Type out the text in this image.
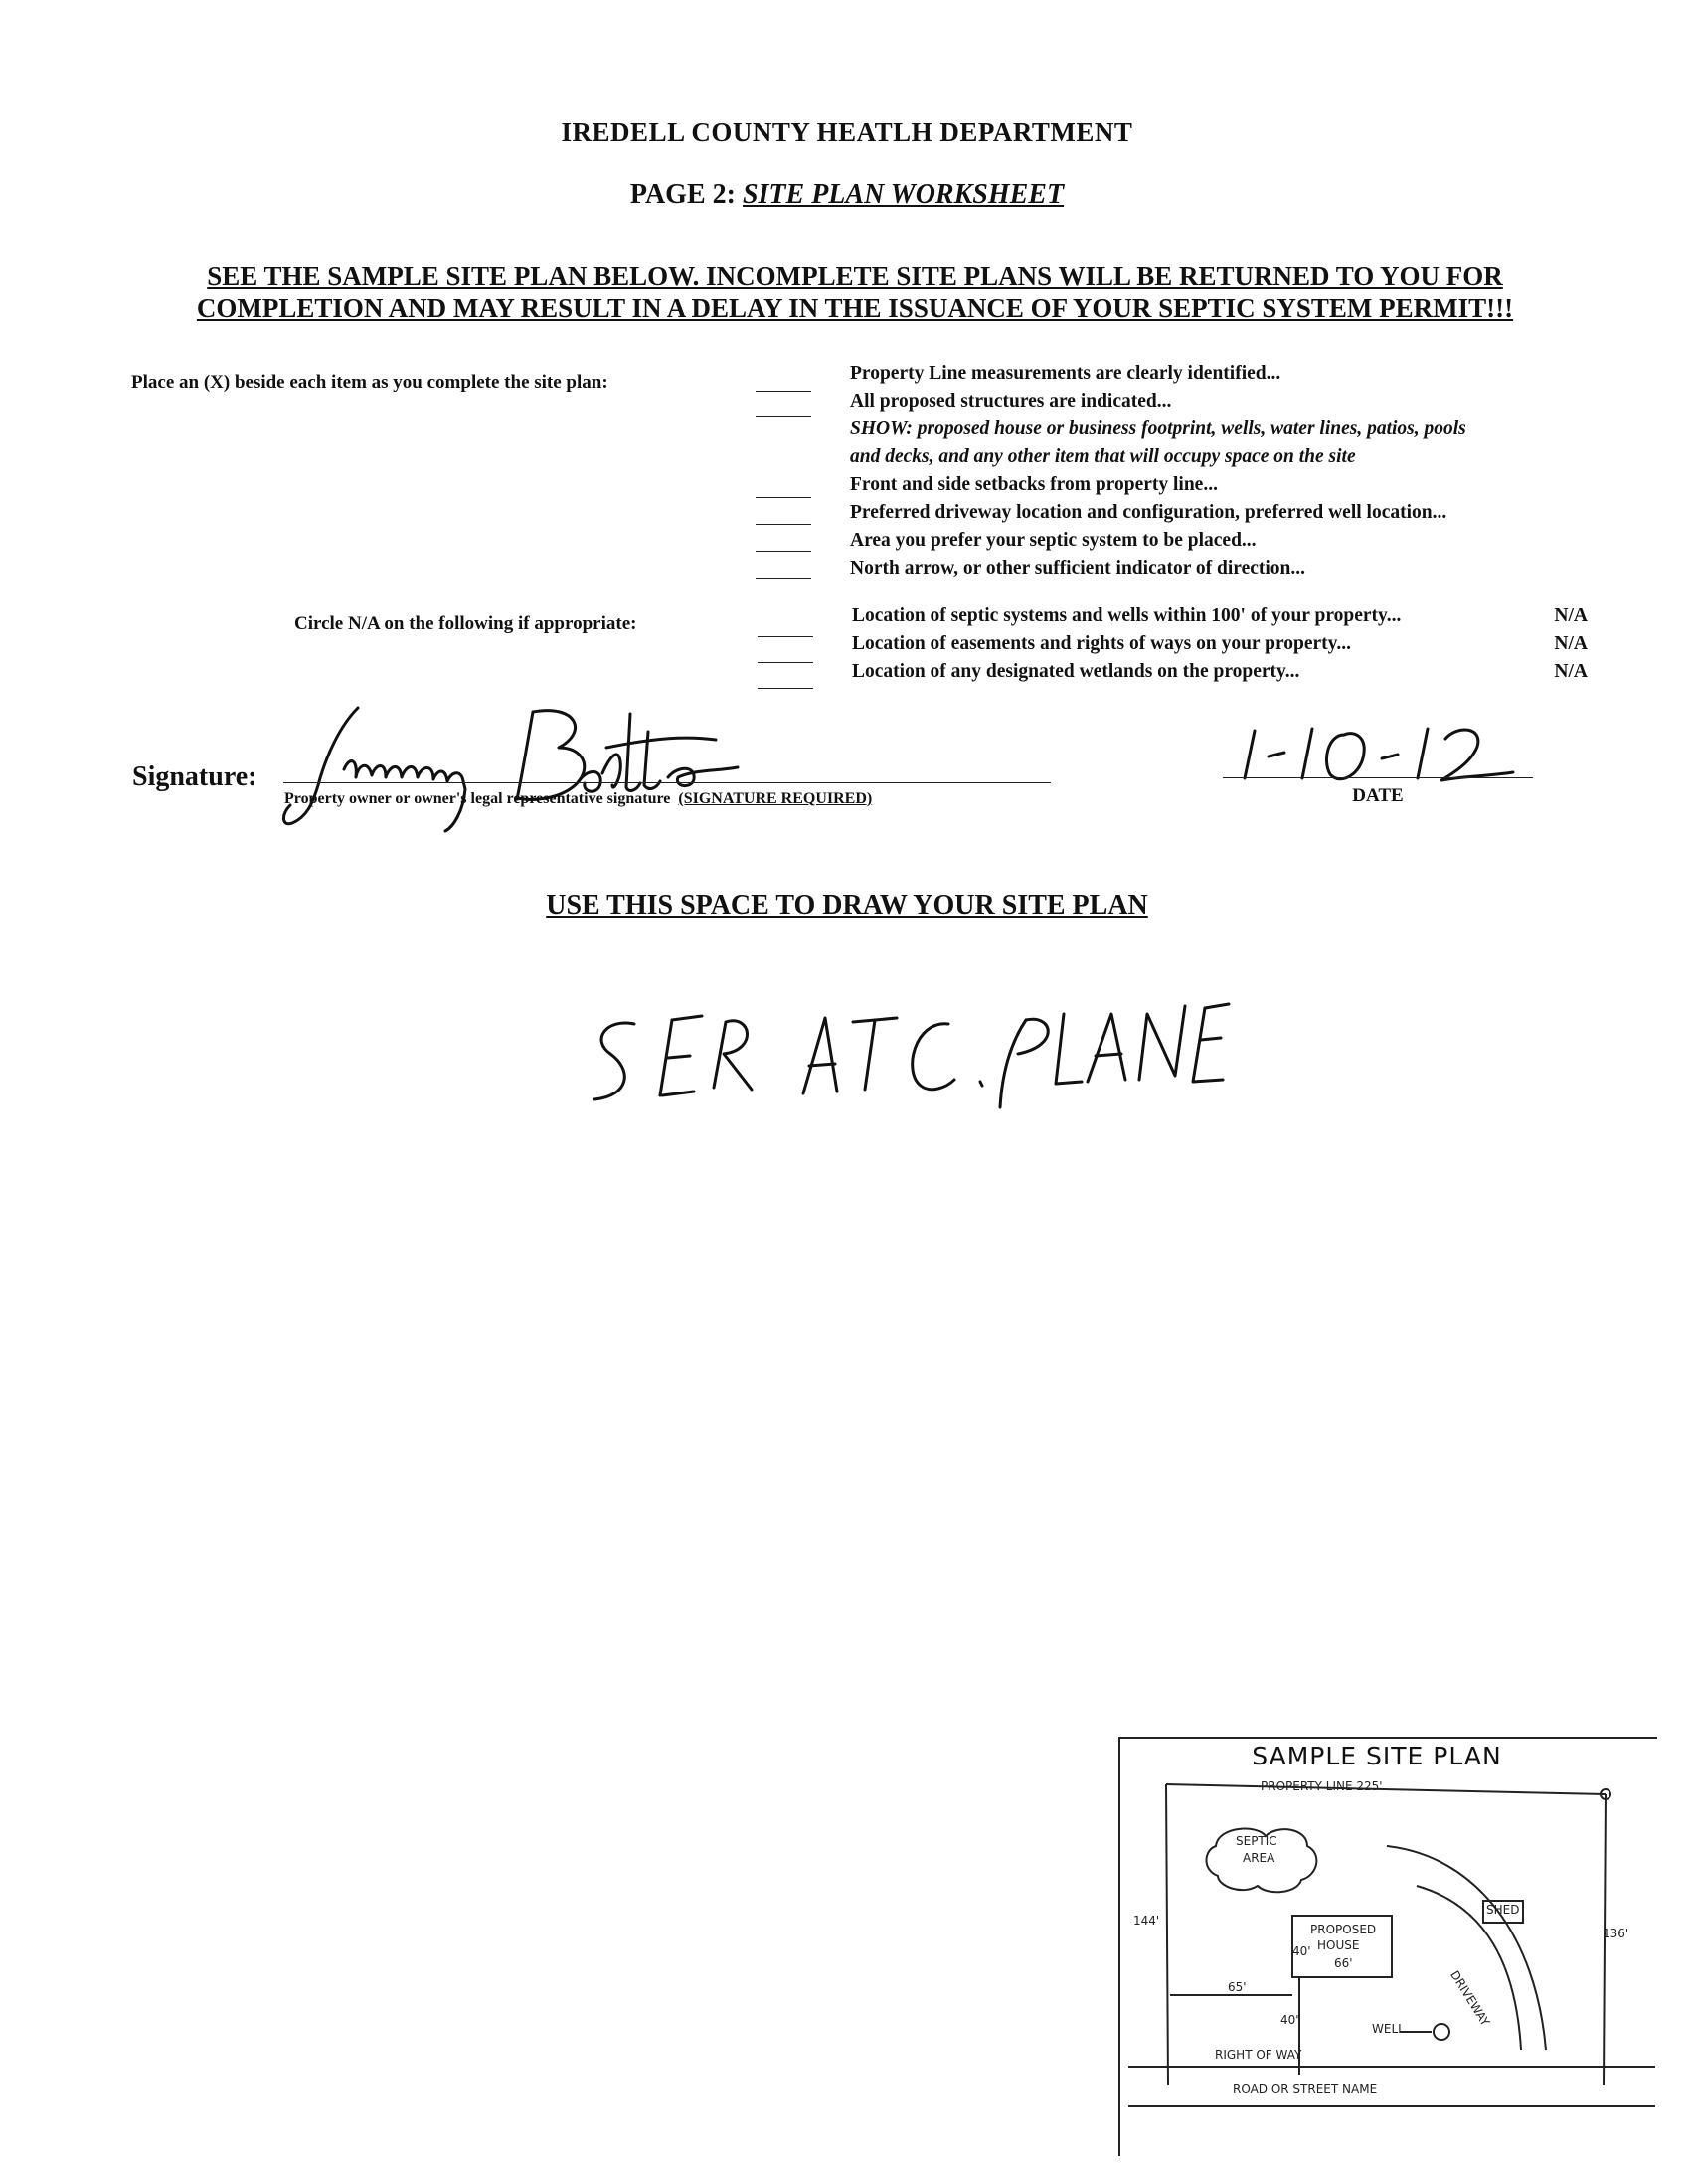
IREDELL COUNTY HEATLH DEPARTMENT
PAGE 2: SITE PLAN WORKSHEET
SEE THE SAMPLE SITE PLAN BELOW. INCOMPLETE SITE PLANS WILL BE RETURNED TO YOU FOR
COMPLETION AND MAY RESULT IN A DELAY IN THE ISSUANCE OF YOUR SEPTIC SYSTEM PERMIT!!!
Place an (X) beside each item as you complete the site plan:	Property Line measurements are clearly identified...
All proposed structures are indicated...
SHOW: proposed house or business footprint, wells, water lines, patios, pools
and decks, and any other item that will occupy space on the site
Front and side setbacks from property line...
Preferred driveway location and configuration, preferred well location...
Area you prefer your septic system to be placed...
North arrow, or other sufficient indicator of direction...
Circle N/A on the following if appropriate:	Location of septic systems and wells within 100' of your property...	N/A
Location of easements and rights of ways on your property...	N/A
Location of any designated wetlands on the property...	N/A
Signature:
Property owner or owner's legal representative signature (SIGNATURE REQUIRED)	DATE
USE THIS SPACE TO DRAW YOUR SITE PLAN
SAMPLE SITE PLAN
PROPERTY LINE 225'
SEPTIC
AREA
SHED
144'
136'
PROPOSED
HOUSE
66'
40'
65'
40'	DRIVEWAY
WELL
RIGHT OF WAY
ROAD OR STREET NAME
